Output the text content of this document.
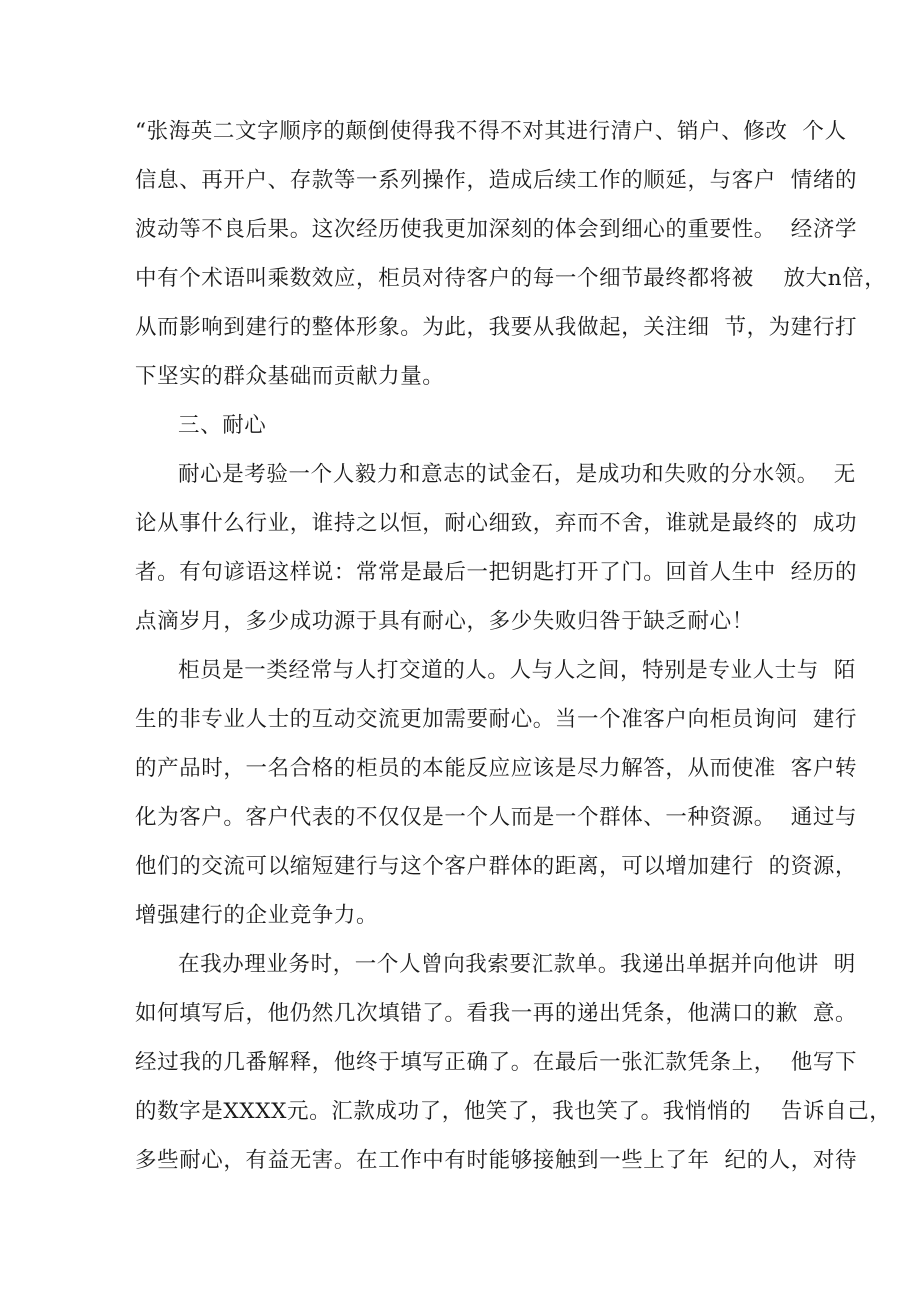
“张海英二文字顺序的颠倒使得我不得不对其进行清户、销户、修改  个人
信息、再开户、存款等一系列操作，造成后续工作的顺延，与客户  情绪的
波动等不良后果。这次经历使我更加深刻的体会到细心的重要性。  经济学
中有个术语叫乘数效应，柜员对待客户的每一个细节最终都将被    放大n倍，
从而影响到建行的整体形象。为此，我要从我做起，关注细  节，为建行打
下坚实的群众基础而贡献力量。
三、耐心
耐心是考验一个人毅力和意志的试金石，是成功和失败的分水领。  无
论从事什么行业，谁持之以恒，耐心细致，弃而不舍，谁就是最终的  成功
者。有句谚语这样说：常常是最后一把钥匙打开了门。回首人生中  经历的
点滴岁月，多少成功源于具有耐心，多少失败归咎于缺乏耐心！
柜员是一类经常与人打交道的人。人与人之间，特别是专业人士与  陌
生的非专业人士的互动交流更加需要耐心。当一个准客户向柜员询问  建行
的产品时，一名合格的柜员的本能反应应该是尽力解答，从而使准  客户转
化为客户。客户代表的不仅仅是一个人而是一个群体、一种资源。  通过与
他们的交流可以缩短建行与这个客户群体的距离，可以增加建行  的资源，
增强建行的企业竞争力。
在我办理业务时，一个人曾向我索要汇款单。我递出单据并向他讲  明
如何填写后，他仍然几次填错了。看我一再的递出凭条，他满口的歉  意。
经过我的几番解释，他终于填写正确了。在最后一张汇款凭条上，  他写下
的数字是XXXX元。汇款成功了，他笑了，我也笑了。我悄悄的    告诉自己，
多些耐心，有益无害。在工作中有时能够接触到一些上了年  纪的人，对待
